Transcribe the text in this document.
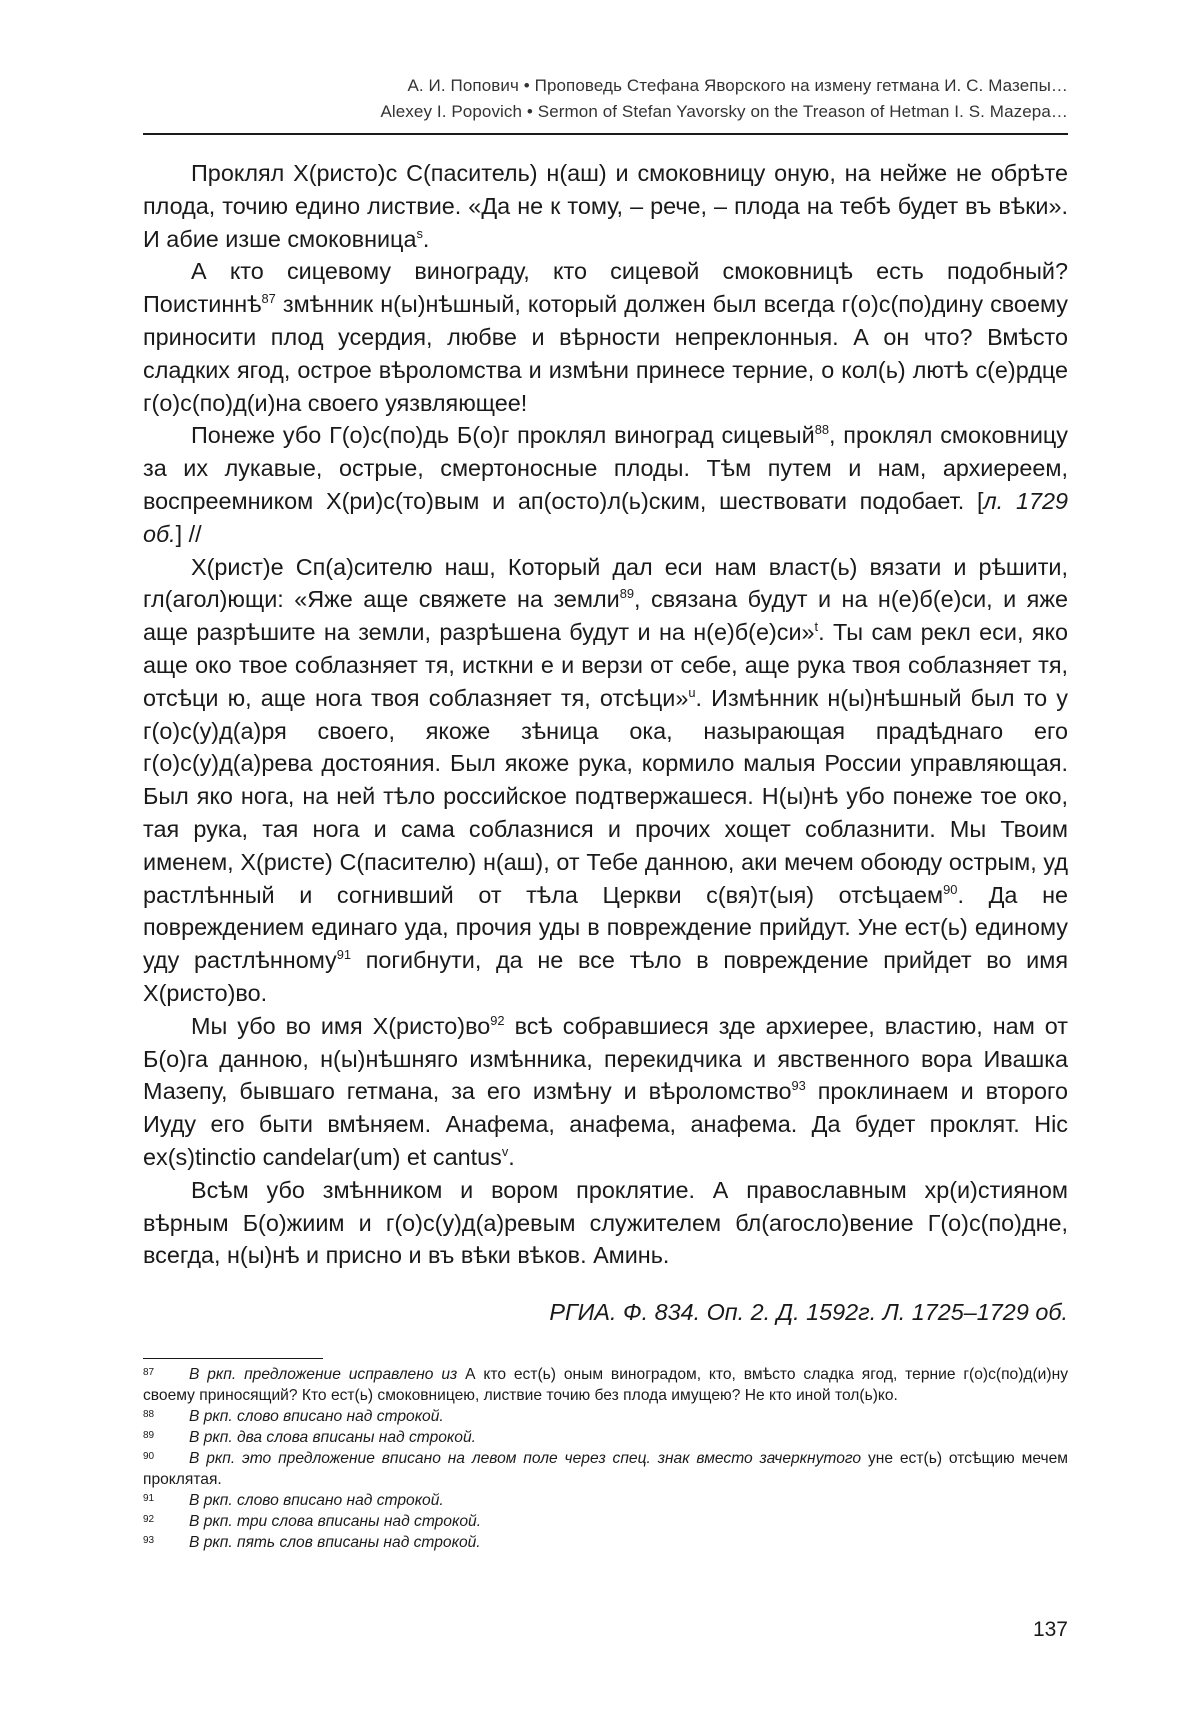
А. И. Попович • Проповедь Стефана Яворского на измену гетмана И. С. Мазепы…
Alexey I. Popovich • Sermon of Stefan Yavorsky on the Treason of Hetman I. S. Mazepa…

Проклял Х(ристо)с С(паситель) н(аш) и смоковницу оную, на нейже не обрѣте плода, точию едино листвие. «Да не к тому, – рече, – плода на тебѣ будет въ вѣки». И абие изше смоковница$^s$.

А кто сицевому винограду, кто сицевой смоковницѣ есть подобный? Поистиннѣ$^{87}$ змѣнник н(ы)нѣшный, который должен был всегда г(о)с(по)дину своему приносити плод усердия, любве и вѣрности непреклонныя. А он что? Вмѣсто сладких ягод, острое вѣроломства и измѣни принесе терние, о кол(ь) лютѣ с(е)рдце г(о)с(по)д(и)на своего уязвляющее!

Понеже убо Г(о)с(по)дь Б(о)г проклял виноград сицевый$^{88}$, проклял смоковницу за их лукавые, острые, смертоносные плоды. Тѣм путем и нам, архиереем, воспреемником Х(ри)с(то)вым и ап(осто)л(ь)ским, шествовати подобает. [л. 1729 об.] //

Х(рист)е Сп(а)сителю наш, Который дал еси нам власт(ь) вязати и рѣшити, гл(агол)ющи: «Яже аще свяжете на земли$^{89}$, связана будут и на н(е)б(е)си, и яже аще разрѣшите на земли, разрѣшена будут и на н(е)б(е)си»$^t$. Ты сам рекл еси, яко аще око твое соблазняет тя, исткни е и верзи от себе, аще рука твоя соблазняет тя, отсѣци ю, аще нога твоя соблазняет тя, отсѣци»$^u$. Измѣнник н(ы)нѣшный был то у г(о)с(у)д(а)ря своего, якоже зѣница ока, назырающая прадѣднаго его г(о)с(у)д(а)рева достояния. Был якоже рука, кормило малыя России управляющая. Был яко нога, на ней тѣло российское подтвержашеся. Н(ы)нѣ убо понеже тое око, тая рука, тая нога и сама соблазнися и прочих хощет соблазнити. Мы Твоим именем, Х(ристе) С(пасителю) н(аш), от Тебе данною, аки мечем обоюду острым, уд растлѣнный и согнивший от тѣла Церкви с(вя)т(ыя) отсѣцаем$^{90}$. Да не повреждением единаго уда, прочия уды в повреждение прийдут. Уне ест(ь) единому уду растлѣнному$^{91}$ погибнути, да не все тѣло в повреждение прийдет во имя Х(ристо)во.

Мы убо во имя $Х(ристо)во^{92}$ всѣ собравшиеся зде архиерее, властию, нам от Б(о)га данною, н(ы)нѣшняго измѣнника, перекидчика и явственного вора Ивашка Мазепу, бывшаго гетмана, за его измѣну и вѣроломство$^{93}$ проклинаем и второго Иуду его быти вмѣняем. Анафема, анафема, анафема. Да будет проклят. Hic ex(s)tinctio candelar(um) et cantus$^v$.

Всѣм убо змѣнником и вором проклятие. А православным хр(и)стияном вѣрным Б(о)жиим и г(о)с(у)д(а)ревым служителем бл(агосло)вение Г(о)с(по)дне, всегда, н(ы)нѣ и присно и въ вѣки вѣков. Аминь.

РГИА. Ф. 834. Оп. 2. Д. 1592г. Л. 1725–1729 об.

87 В ркп. предложение исправлено из А кто ест(ь) оным виноградом, кто, вмѣсто сладка ягод, терние г(о)с(по)д(и)ну своему приносящий? Кто ест(ь) смоковницею, листвие точию без плода имущею? Не кто иной тол(ь)ко.

88 В ркп. слово вписано над строкой.

89 В ркп. два слова вписаны над строкой.

90 В ркп. это предложение вписано на левом поле через спец. знак вместо зачеркнутого уне ест(ь) отсѣщию мечем проклятая.

91 В ркп. слово вписано над строкой.

92 В ркп. три слова вписаны над строкой.

93 В ркп. пять слов вписаны над строкой.

137
